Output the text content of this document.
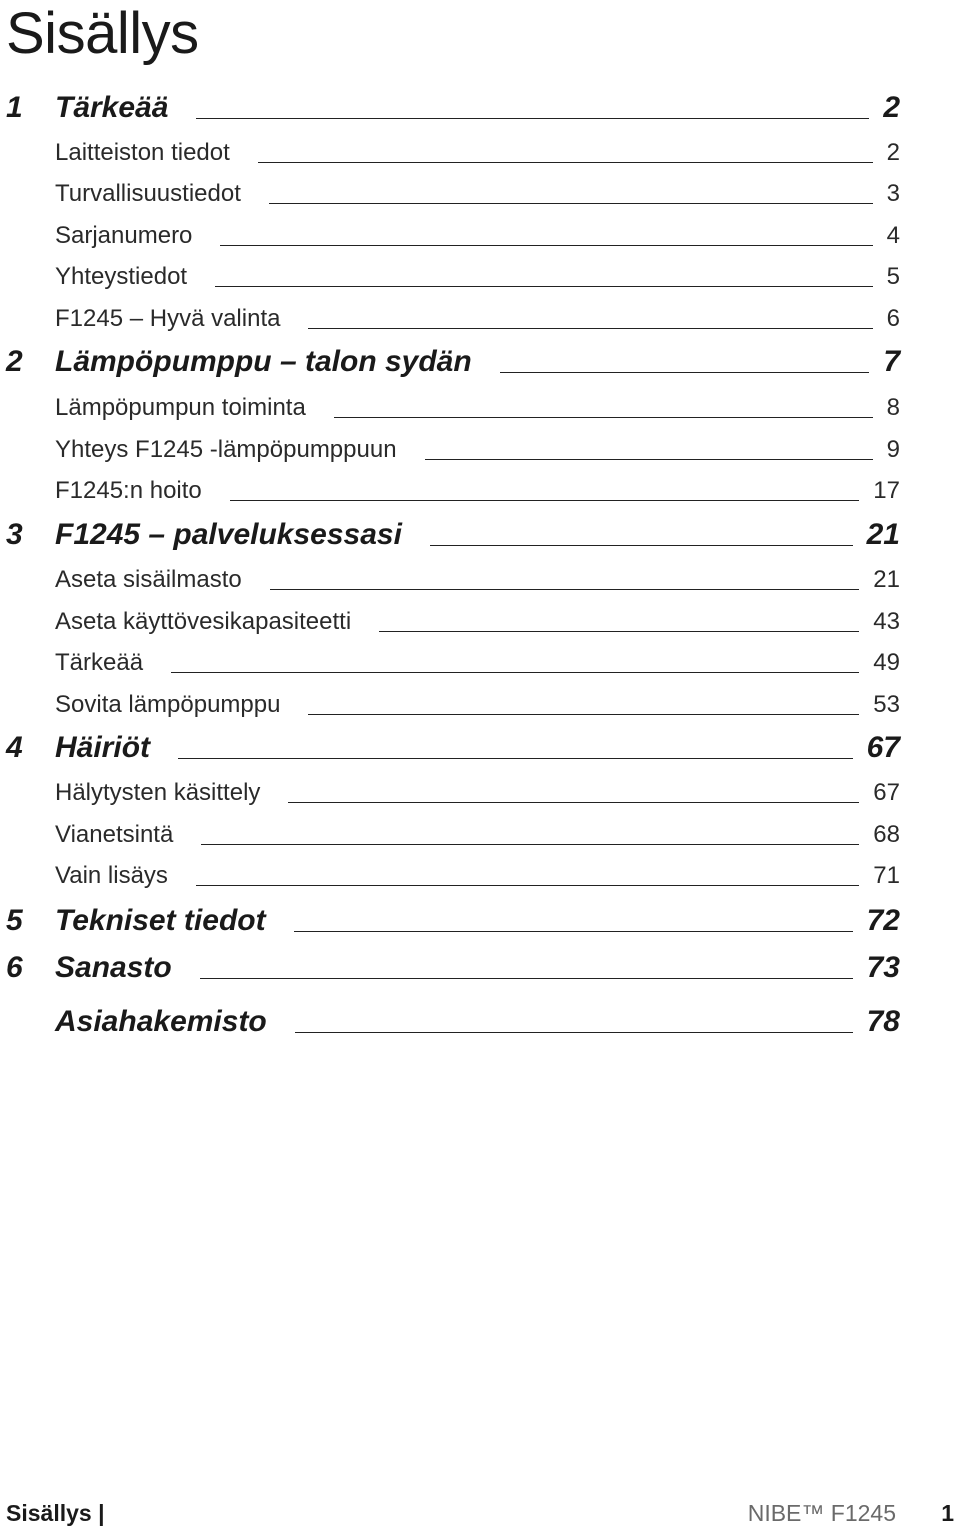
Sisällys
1	Tärkeää	2
Laitteiston tiedot	2
Turvallisuustiedot	3
Sarjanumero	4
Yhteystiedot	5
F1245 – Hyvä valinta	6
2	Lämpöpumppu – talon sydän	7
Lämpöpumpun toiminta	8
Yhteys F1245 -lämpöpumppuun	9
F1245:n hoito	17
3	F1245 – palveluksessasi	21
Aseta sisäilmasto	21
Aseta käyttövesikapasiteetti	43
Tärkeää	49
Sovita lämpöpumppu	53
4	Häiriöt	67
Hälytysten käsittely	67
Vianetsintä	68
Vain lisäys	71
5	Tekniset tiedot	72
6	Sanasto	73
Asiahakemisto	78
Sisällys |	NIBE™ F1245 1
